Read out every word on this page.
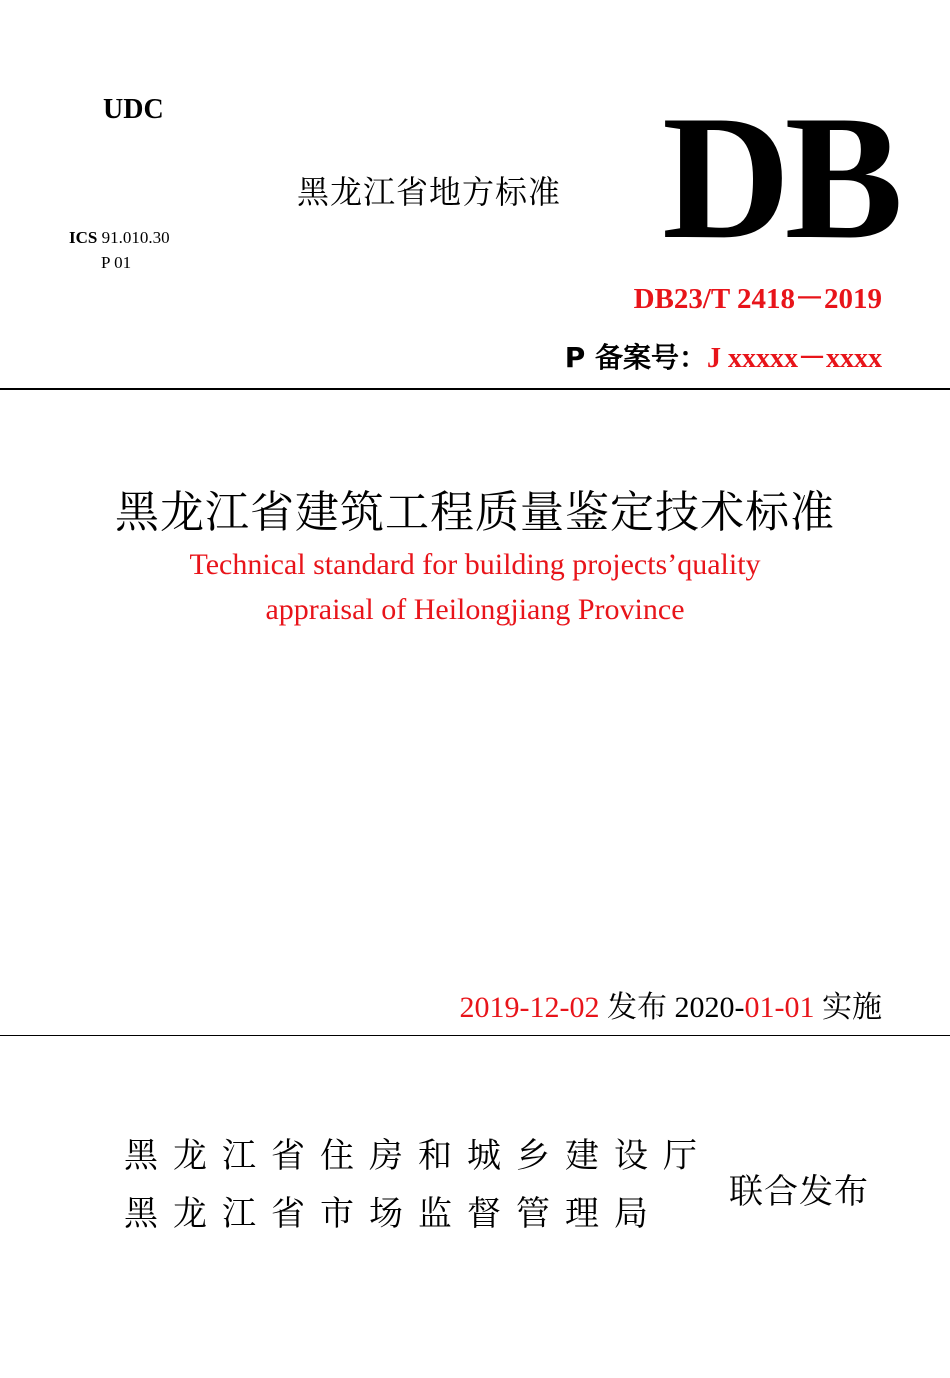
UDC
黑龙江省地方标准 DB
ICS 91.010.30
P 01
DB23/T 2418－2019
P 备案号：J xxxxx－xxxx
黑龙江省建筑工程质量鉴定技术标准
Technical standard for building projects’quality
appraisal of Heilongjiang Province
2019-12-02 发布 2020-01-01 实施
黑龙江省住房和城乡建设厅
黑龙江省市场监督管理局
联合发布
